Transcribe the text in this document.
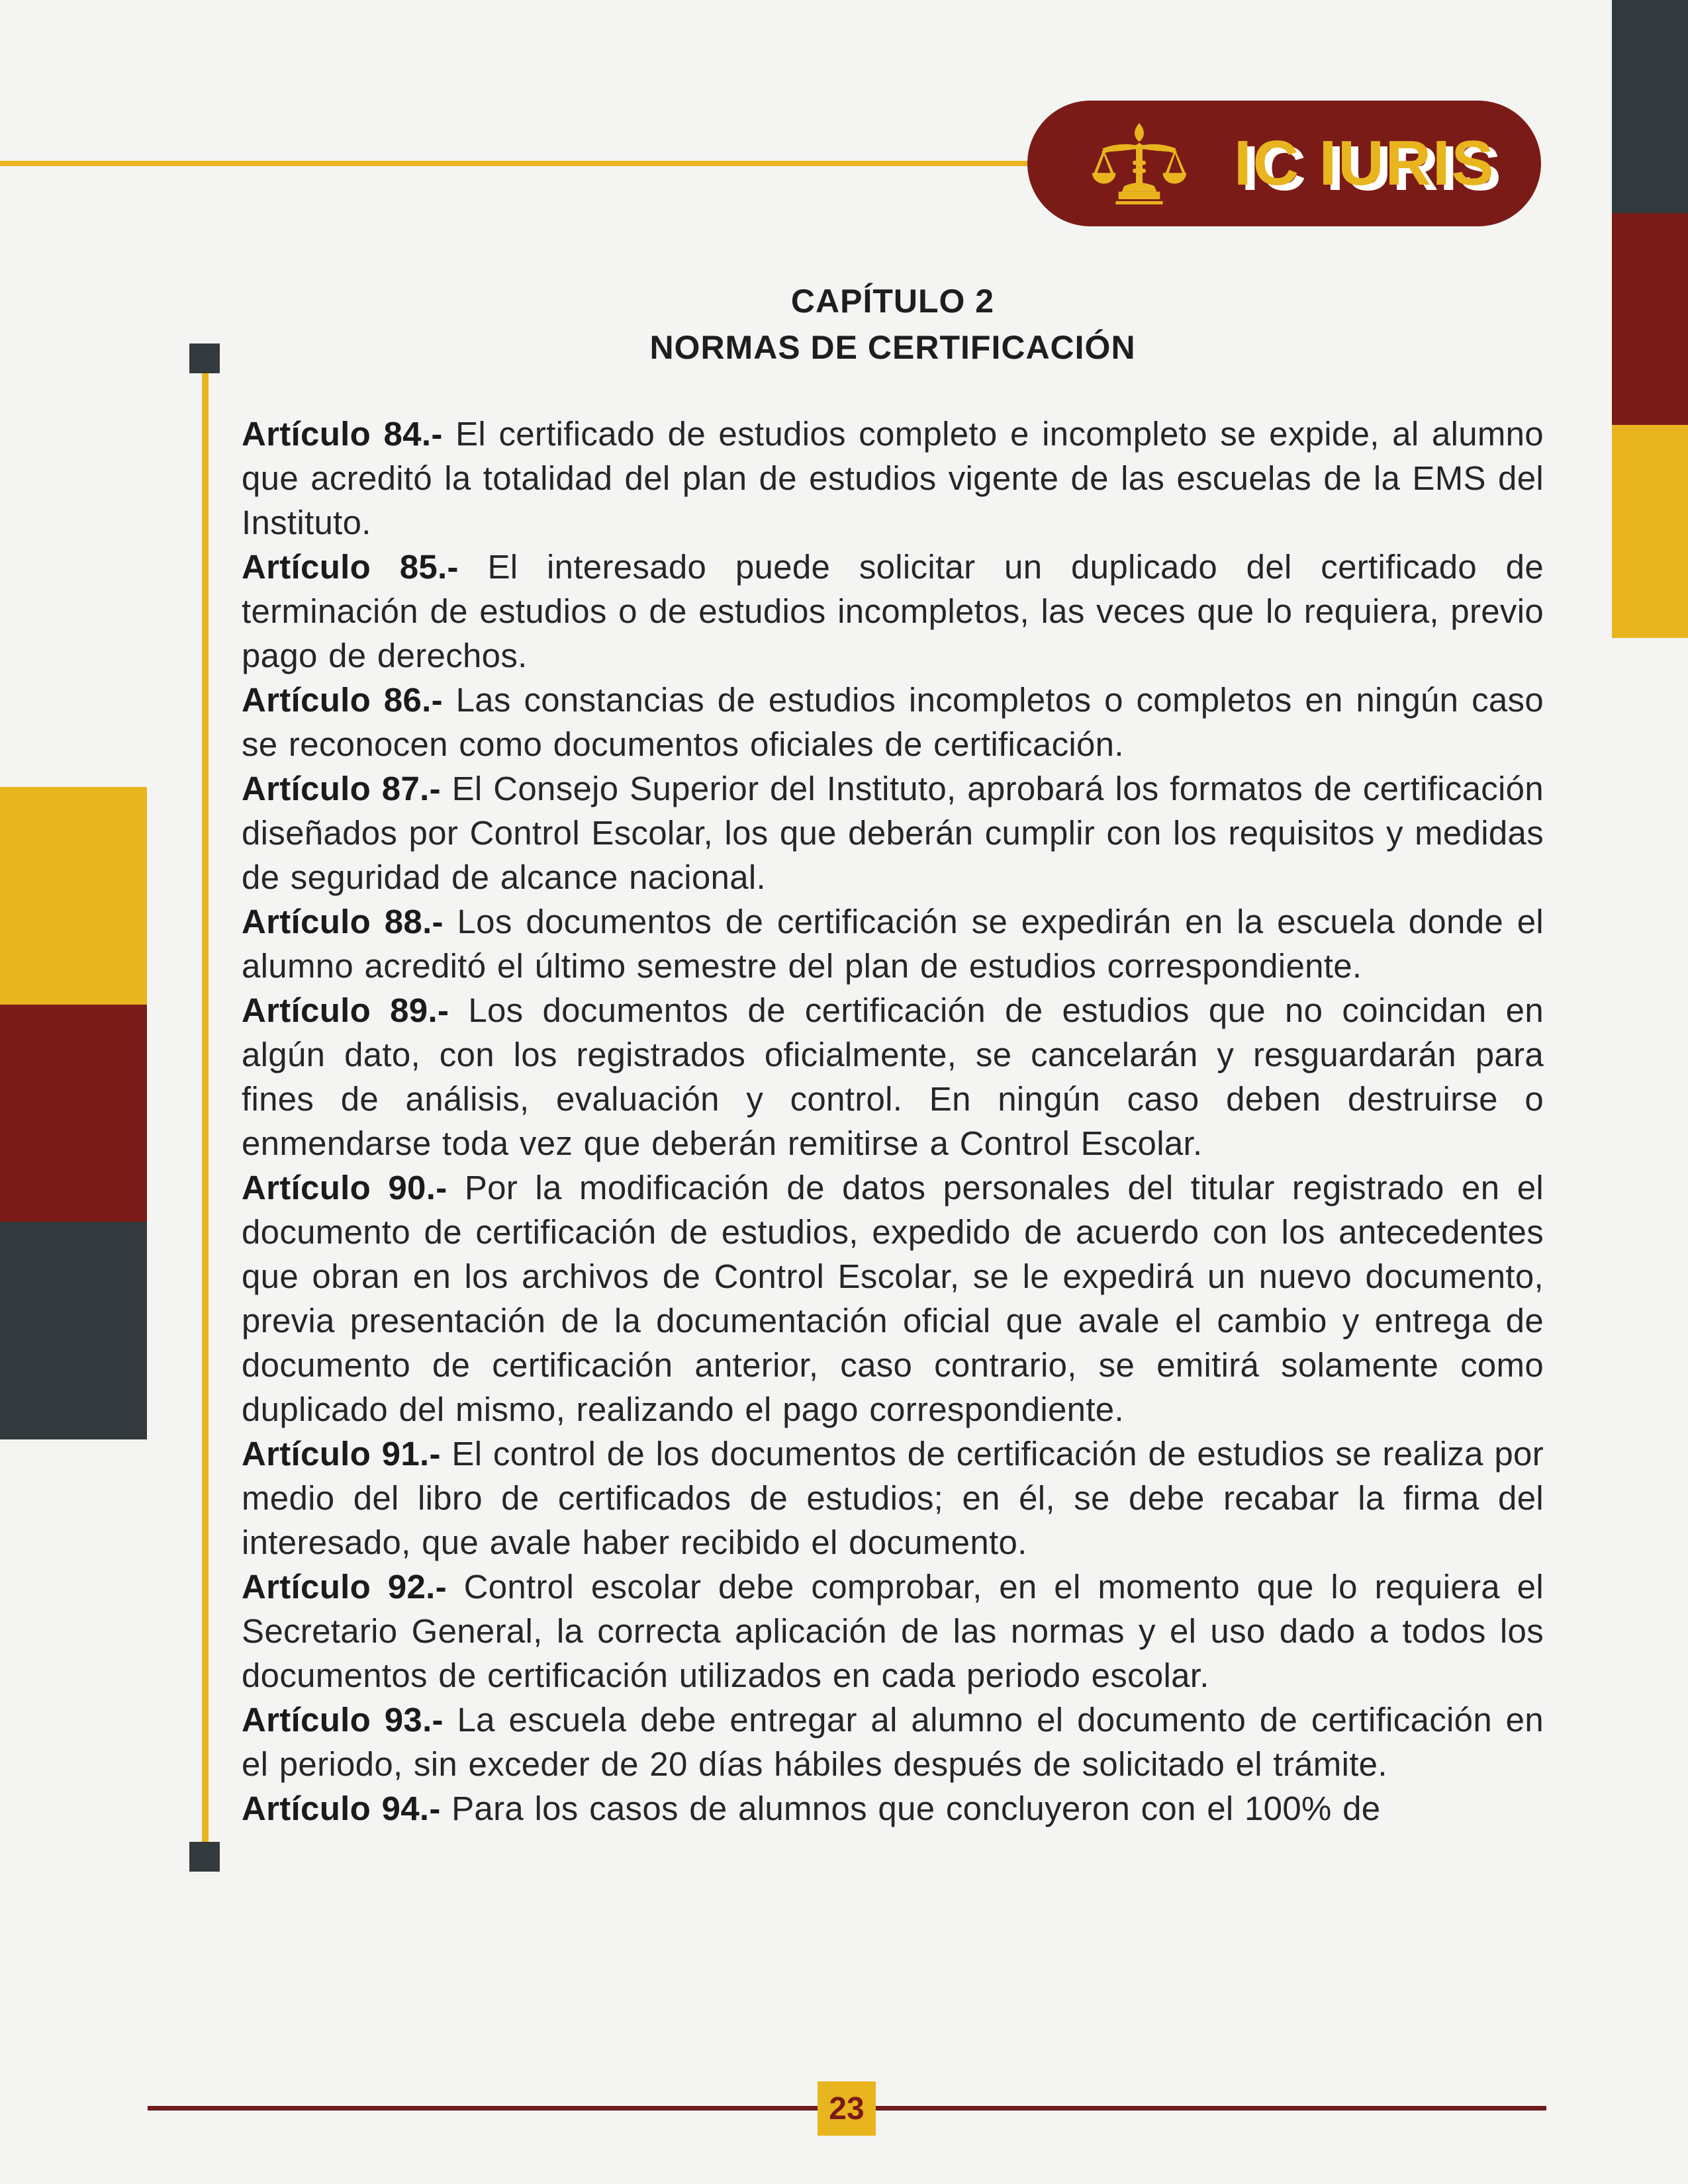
IC IURIS
CAPÍTULO 2
NORMAS DE CERTIFICACIÓN

Artículo 84.- El certificado de estudios completo e incompleto se expide, al alumno que acreditó la totalidad del plan de estudios vigente de las escuelas de la EMS del Instituto.

Artículo 85.- El interesado puede solicitar un duplicado del certificado de terminación de estudios o de estudios incompletos, las veces que lo requiera, previo pago de derechos.

Artículo 86.- Las constancias de estudios incompletos o completos en ningún caso se reconocen como documentos oficiales de certificación.

Artículo 87.- El Consejo Superior del Instituto, aprobará los formatos de certificación diseñados por Control Escolar, los que deberán cumplir con los requisitos y medidas de seguridad de alcance nacional.

Artículo 88.- Los documentos de certificación se expedirán en la escuela donde el alumno acreditó el último semestre del plan de estudios correspondiente.

Artículo 89.- Los documentos de certificación de estudios que no coincidan en algún dato, con los registrados oficialmente, se cancelarán y resguardarán para fines de análisis, evaluación y control. En ningún caso deben destruirse o enmendarse toda vez que deberán remitirse a Control Escolar.

Artículo 90.- Por la modificación de datos personales del titular registrado en el documento de certificación de estudios, expedido de acuerdo con los antecedentes que obran en los archivos de Control Escolar, se le expedirá un nuevo documento, previa presentación de la documentación oficial que avale el cambio y entrega de documento de certificación anterior, caso contrario, se emitirá solamente como duplicado del mismo, realizando el pago correspondiente.

Artículo 91.- El control de los documentos de certificación de estudios se realiza por medio del libro de certificados de estudios; en él, se debe recabar la firma del interesado, que avale haber recibido el documento.

Artículo 92.- Control escolar debe comprobar, en el momento que lo requiera el Secretario General, la correcta aplicación de las normas y el uso dado a todos los documentos de certificación utilizados en cada periodo escolar.

Artículo 93.- La escuela debe entregar al alumno el documento de certificación en el periodo, sin exceder de 20 días hábiles después de solicitado el trámite.

Artículo 94.- Para los casos de alumnos que concluyeron con el 100% de

23
